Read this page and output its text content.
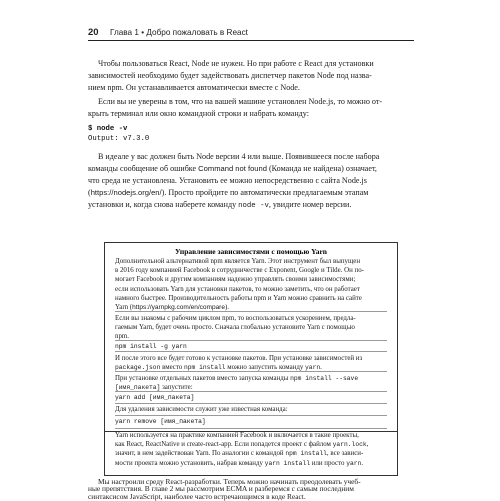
20 Глава 1 • Добро пожаловать в React
Чтобы пользоваться React, Node не нужен. Но при работе с React для установки
зависимостей необходимо будет задействовать диспетчер пакетов Node под назва-
нием npm. Он устанавливается автоматически вместе с Node.
Если вы не уверены в том, что на вашей машине установлен Node.js, то можно от-
крыть терминал или окно командной строки и набрать команду:
$ node -v
Output: v7.3.0
В идеале у вас должен быть Node версии 4 или выше. Появившееся после набора
команды сообщение об ошибке Command not found (Команда не найдена) означает,
что среда не установлена. Установить ее можно непосредственно с сайта Node.js
(https://nodejs.org/en/). Просто пройдите по автоматически предлагаемым этапам
установки и, когда снова наберете команду node -v, увидите номер версии.
Управление зависимостями с помощью Yarn
Дополнительной альтернативой npm является Yarn. Этот инструмент был выпущен
в 2016 году компанией Facebook в сотрудничестве с Exponent, Google и Tilde. Он по-
могает Facebook и другим компаниям надежно управлять своими зависимостями;
если использовать Yarn для установки пакетов, то можно заметить, что он работает
намного быстрее. Производительность работы npm и Yarn можно сравнить на сайте
Yarn (https://yarnpkg.com/en/compare).
Если вы знакомы с рабочим циклом npm, то воспользоваться ускорением, предла-
гаемым Yarn, будет очень просто. Сначала глобально установите Yarn с помощью
npm.
npm install -g yarn
И после этого все будет готово к установке пакетов. При установке зависимостей из
package.json вместо npm install можно запустить команду yarn.
При установке отдельных пакетов вместо запуска команды npm install --save
[имя_пакета] запустите:
yarn add [имя_пакета]
Для удаления зависимости служит уже известная команда:
yarn remove [имя_пакета]
Yarn используется на практике компанией Facebook и включается в такие проекты,
как React, ReactNative и create-react-app. Если попадется проект с файлом yarn.lock,
значит, в нем задействован Yarn. По аналогии с командой npm install, все зависи-
мости проекта можно установить, набрав команду yarn install или просто yarn.
Мы настроили среду React-разработки. Теперь можно начинать преодолевать учеб-
ные препятствия. В главе 2 мы рассмотрим ECMA и разберемся с самым последним
синтаксисом JavaScript, наиболее часто встречающимся в коде React.
